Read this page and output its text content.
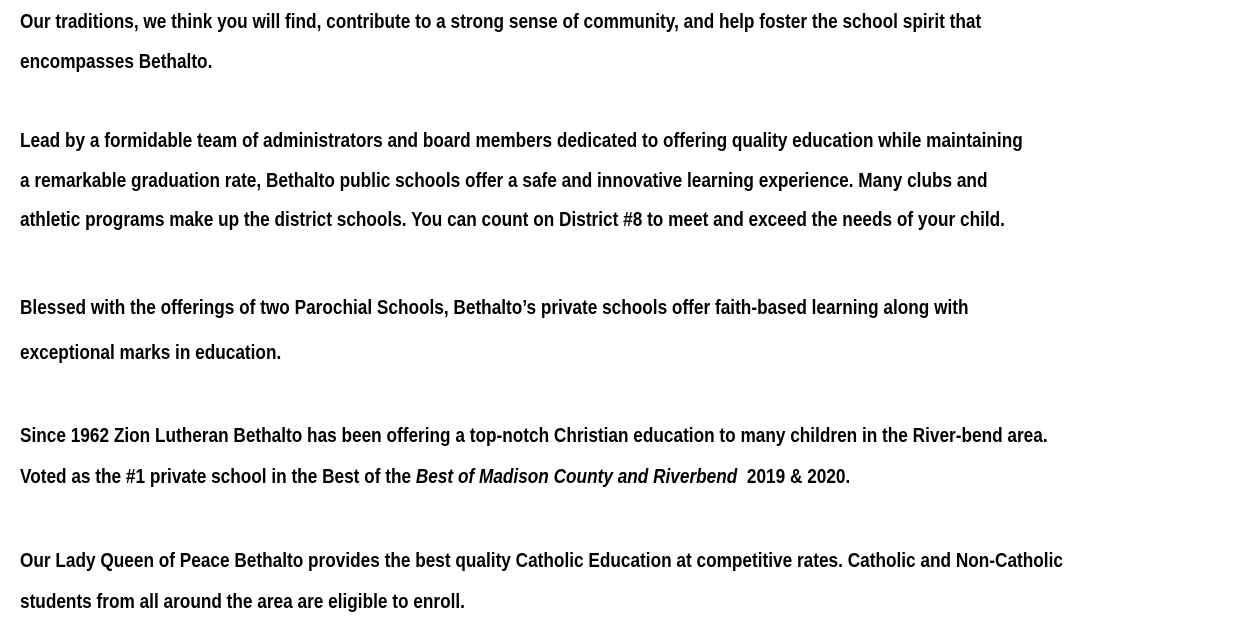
Our traditions, we think you will find, contribute to a strong sense of community, and help foster the school spirit that
encompasses Bethalto.
Lead by a formidable team of administrators and board members dedicated to offering quality education while maintaining
a remarkable graduation rate, Bethalto public schools offer a safe and innovative learning experience. Many clubs and
athletic programs make up the district schools. You can count on District #8 to meet and exceed the needs of your child.
Blessed with the offerings of two Parochial Schools, Bethalto’s private schools offer faith-based learning along with
exceptional marks in education.
Since 1962 Zion Lutheran Bethalto has been offering a top-notch Christian education to many children in the River-bend area.
Voted as the #1 private school in the Best of the Best of Madison County and Riverbend  2019 & 2020.
Our Lady Queen of Peace Bethalto provides the best quality Catholic Education at competitive rates. Catholic and Non-Catholic
students from all around the area are eligible to enroll.
